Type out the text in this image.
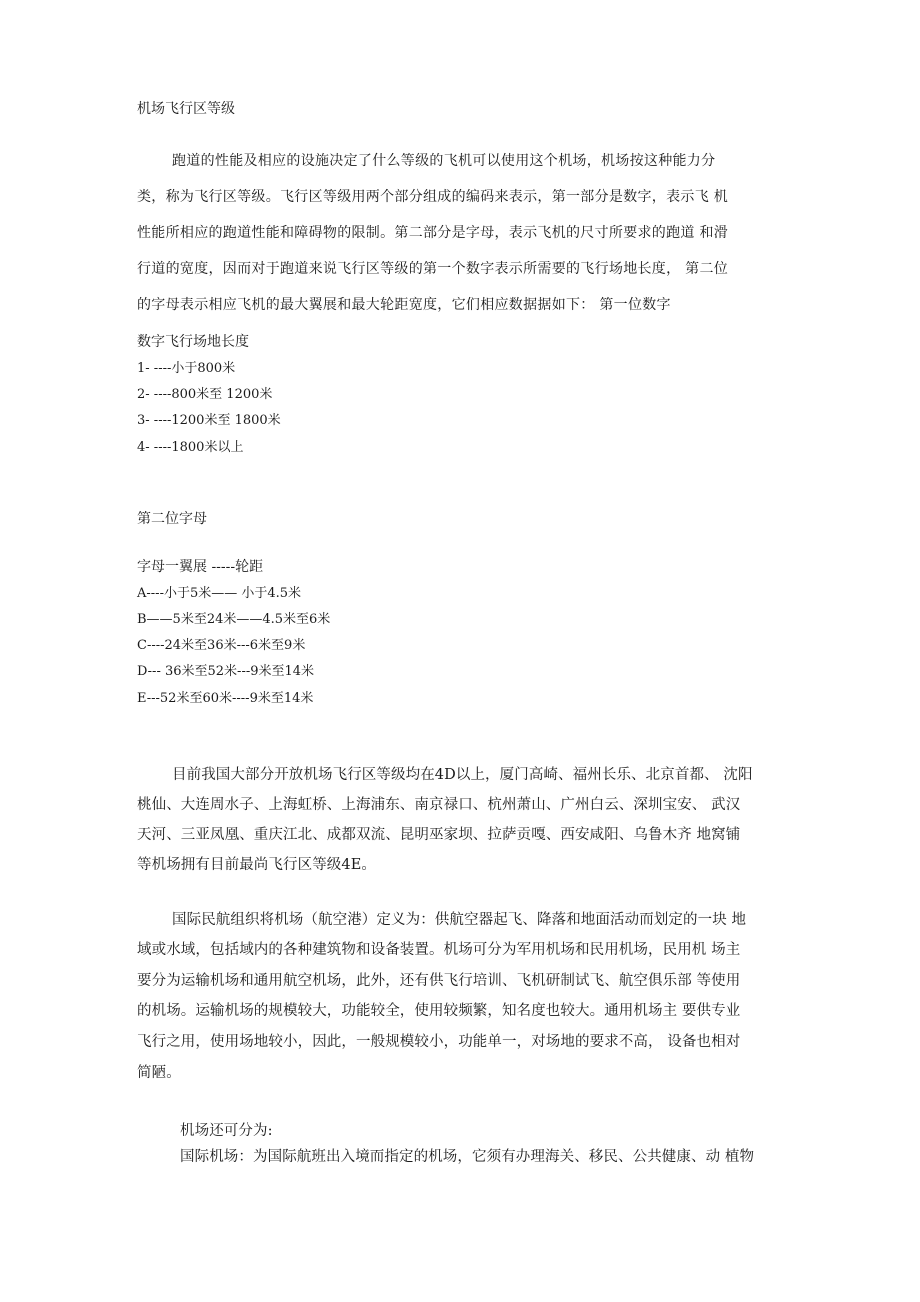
机场飞行区等级
跑道的性能及相应的设施决定了什么等级的飞机可以使用这个机场，机场按这种能力分
类，称为飞行区等级。飞行区等级用两个部分组成的编码来表示，第一部分是数字，表示飞 机
性能所相应的跑道性能和障碍物的限制。第二部分是字母，表示飞机的尺寸所要求的跑道 和滑
行道的宽度，因而对于跑道来说飞行区等级的第一个数字表示所需要的飞行场地长度， 第二位
的字母表示相应飞机的最大翼展和最大轮距宽度，它们相应数据据如下： 第一位数字
数字飞行场地长度
1- ----小于800米
2- ----800米至 1200米
3- ----1200米至 1800米
4- ----1800米以上
第二位字母
字母一翼展 -----轮距
A----小于5米—— 小于4.5米
B——5米至24米——4.5米至6米
C----24米至36米---6米至9米
D--- 36米至52米---9米至14米
E---52米至60米----9米至14米
目前我国大部分开放机场飞行区等级均在4D以上，厦门高崎、福州长乐、北京首都、 沈阳
桃仙、大连周水子、上海虹桥、上海浦东、南京禄口、杭州萧山、广州白云、深圳宝安、 武汉
天河、三亚凤凰、重庆江北、成都双流、昆明巫家坝、拉萨贡嘎、西安咸阳、乌鲁木齐 地窝铺
等机场拥有目前最尚飞行区等级4E。
国际民航组织将机场（航空港）定义为：供航空器起飞、降落和地面活动而划定的一块 地
域或水域，包括域内的各种建筑物和设备装置。机场可分为军用机场和民用机场，民用机 场主
要分为运输机场和通用航空机场，此外，还有供飞行培训、飞机研制试飞、航空俱乐部 等使用
的机场。运输机场的规模较大，功能较全，使用较频繁，知名度也较大。通用机场主 要供专业
飞行之用，使用场地较小，因此，一般规模较小，功能单一，对场地的要求不高， 设备也相对
简陋。
机场还可分为:
国际机场：为国际航班出入境而指定的机场，它须有办理海关、移民、公共健康、动 植物
